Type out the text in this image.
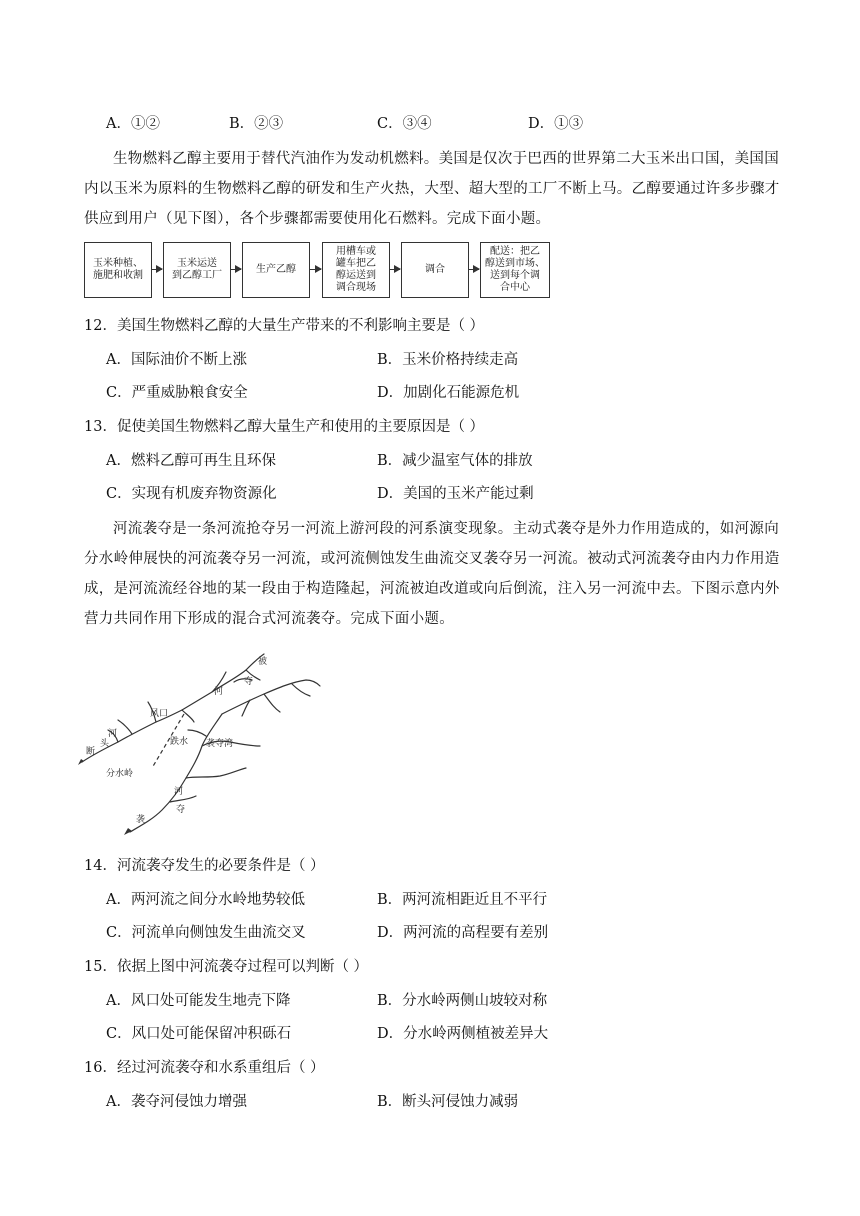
A．①②	B．②③	C．③④	D．①③
生物燃料乙醇主要用于替代汽油作为发动机燃料。美国是仅次于巴西的世界第二大玉米出口国，美国国内以玉米为原料的生物燃料乙醇的研发和生产火热，大型、超大型的工厂不断上马。乙醇要通过许多步骤才供应到用户（见下图），各个步骤都需要使用化石燃料。完成下面小题。
玉米种植、
施肥和收割
玉米运送
到乙醇工厂
生产乙醇
用槽车或
罐车把乙
醇运送到
调合现场
调合
配送：把乙
醇送到市场、
送到每个调
合中心
12．美国生物燃料乙醇的大量生产带来的不利影响主要是（ ）
A．国际油价不断上涨	B．玉米价格持续走高
C．严重威胁粮食安全	D．加剧化石能源危机
13．促使美国生物燃料乙醇大量生产和使用的主要原因是（ ）
A．燃料乙醇可再生且环保	B．减少温室气体的排放
C．实现有机废弃物资源化	D．美国的玉米产能过剩
河流袭夺是一条河流抢夺另一河流上游河段的河系演变现象。主动式袭夺是外力作用造成的，如河源向分水岭伸展快的河流袭夺另一河流，或河流侧蚀发生曲流交叉袭夺另一河流。被动式河流袭夺由内力作用造成，是河流流经谷地的某一段由于构造隆起，河流被迫改道或向后倒流，注入另一河流中去。下图示意内外营力共同作用下形成的混合式河流袭夺。完成下面小题。
被
夺
河
风口
河
头
断
跌水 袭夺湾
分水岭
河
夺
袭
14．河流袭夺发生的必要条件是（ ）
A．两河流之间分水岭地势较低	B．两河流相距近且不平行
C．河流单向侧蚀发生曲流交叉	D．两河流的高程要有差别
15．依据上图中河流袭夺过程可以判断（ ）
A．风口处可能发生地壳下降	B．分水岭两侧山坡较对称
C．风口处可能保留冲积砾石	D．分水岭两侧植被差异大
16．经过河流袭夺和水系重组后（ ）
A．袭夺河侵蚀力增强	B．断头河侵蚀力减弱
